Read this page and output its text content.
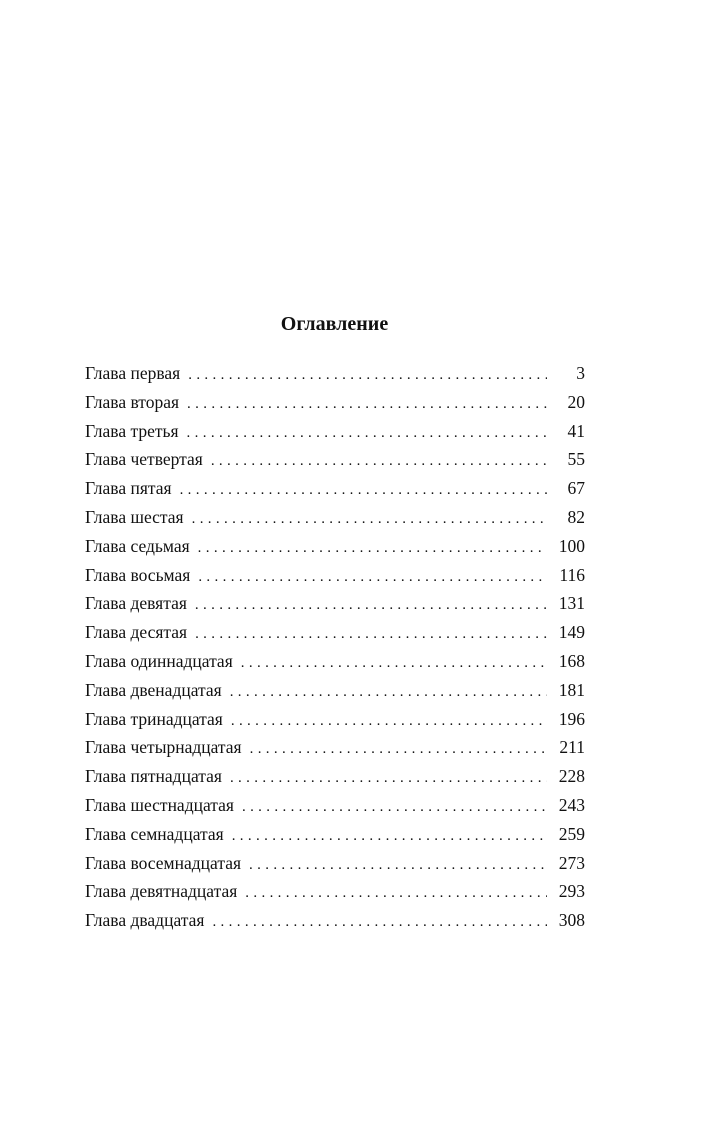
Оглавление
Глава первая . . .	3
Глава вторая . . .	20
Глава третья . . .	41
Глава четвертая . . .	55
Глава пятая . . .	67
Глава шестая . . .	82
Глава седьмая . . .	100
Глава восьмая . . .	116
Глава девятая . . .	131
Глава десятая . . .	149
Глава одиннадцатая . . .	168
Глава двенадцатая . . .	181
Глава тринадцатая . . .	196
Глава четырнадцатая . . .	211
Глава пятнадцатая . . .	228
Глава шестнадцатая . . .	243
Глава семнадцатая . . .	259
Глава восемнадцатая . . .	273
Глава девятнадцатая . . .	293
Глава двадцатая . . .	308
